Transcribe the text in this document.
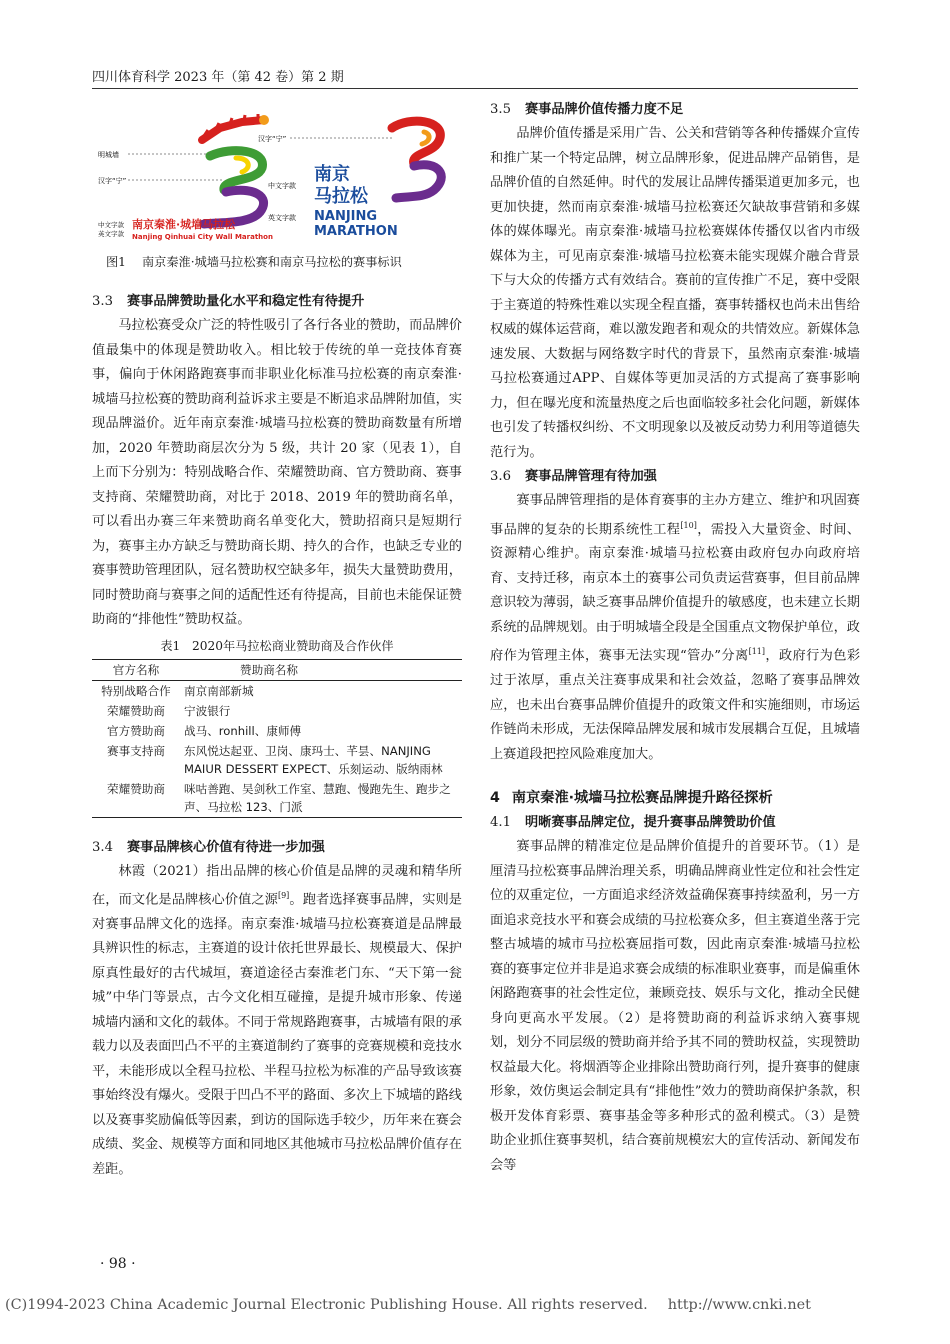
四川体育科学 2023 年（第 42 卷）第 2 期
明城墙
汉字“宁”
中文字款
英文字款
南京秦淮·城墙马拉松
Nanjing Qinhuai City Wall Marathon
汉字“宁”
中文字款
英文字款
南京
马拉松
NANJING
MARATHON
图1 南京秦淮·城墙马拉松赛和南京马拉松的赛事标识
3.3 赛事品牌赞助量化水平和稳定性有待提升

马拉松赛受众广泛的特性吸引了各行各业的赞助，而品牌价值最集中的体现是赞助收入。相比较于传统的单一竞技体育赛事，偏向于休闲路跑赛事而非职业化标准马拉松赛的南京秦淮·城墙马拉松赛的赞助商利益诉求主要是不断追求品牌附加值，实现品牌溢价。近年南京秦淮·城墙马拉松赛的赞助商数量有所增加，2020 年赞助商层次分为 5 级，共计 20 家（见表 1），自上而下分别为：特别战略合作、荣耀赞助商、官方赞助商、赛事支持商、荣耀赞助商，对比于 2018、2019 年的赞助商名单，可以看出办赛三年来赞助商名单变化大，赞助招商只是短期行为，赛事主办方缺乏与赞助商长期、持久的合作，也缺乏专业的赛事赞助管理团队，冠名赞助权空缺多年，损失大量赞助费用，同时赞助商与赛事之间的适配性还有待提高，目前也未能保证赞助商的“排他性”赞助权益。

表1 2020年马拉松商业赞助商及合作伙伴
官方名称	赞助商名称
特别战略合作	南京南部新城
荣耀赞助商	宁波银行
官方赞助商	战马、ronhill、康师傅
赛事支持商	东风悦达起亚、卫岗、康玛士、芊昙、NANJING MAIUR DESSERT EXPECT、乐刻运动、版纳雨林
荣耀赞助商	咪咕善跑、吴剑秋工作室、慧跑、慢跑先生、跑步之声、马拉松 123、门派
3.4 赛事品牌核心价值有待进一步加强

林霞（2021）指出品牌的核心价值是品牌的灵魂和精华所在，而文化是品牌核心价值之源[9]。跑者选择赛事品牌，实则是对赛事品牌文化的选择。南京秦淮·城墙马拉松赛赛道是品牌最具辨识性的标志，主赛道的设计依托世界最长、规模最大、保护原真性最好的古代城垣，赛道途径古秦淮老门东、“天下第一瓮城”中华门等景点，古今文化相互碰撞，是提升城市形象、传递城墙内涵和文化的载体。不同于常规路跑赛事，古城墙有限的承载力以及表面凹凸不平的主赛道制约了赛事的竞赛规模和竞技水平，未能形成以全程马拉松、半程马拉松为标准的产品导致该赛事始终没有爆火。受限于凹凸不平的路面、多次上下城墙的路线以及赛事奖励偏低等因素，到访的国际选手较少，历年来在赛会成绩、奖金、规模等方面和同地区其他城市马拉松品牌价值存在差距。

3.5 赛事品牌价值传播力度不足

品牌价值传播是采用广告、公关和营销等各种传播媒介宣传和推广某一个特定品牌，树立品牌形象，促进品牌产品销售，是品牌价值的自然延伸。时代的发展让品牌传播渠道更加多元，也更加快捷，然而南京秦淮·城墙马拉松赛还欠缺故事营销和多媒体的媒体曝光。南京秦淮·城墙马拉松赛媒体传播仅以省内市级媒体为主，可见南京秦淮·城墙马拉松赛未能实现媒介融合背景下与大众的传播方式有效结合。赛前的宣传推广不足，赛中受限于主赛道的特殊性难以实现全程直播，赛事转播权也尚未出售给权威的媒体运营商，难以激发跑者和观众的共情效应。新媒体急速发展、大数据与网络数字时代的背景下，虽然南京秦淮·城墙马拉松赛通过APP、自媒体等更加灵活的方式提高了赛事影响力，但在曝光度和流量热度之后也面临较多社会化问题，新媒体也引发了转播权纠纷、不文明现象以及被反动势力利用等道德失范行为。

3.6 赛事品牌管理有待加强

赛事品牌管理指的是体育赛事的主办方建立、维护和巩固赛事品牌的复杂的长期系统性工程[10]，需投入大量资金、时间、资源精心维护。南京秦淮·城墙马拉松赛由政府包办向政府培育、支持迁移，南京本土的赛事公司负责运营赛事，但目前品牌意识较为薄弱，缺乏赛事品牌价值提升的敏感度，也未建立长期系统的品牌规划。由于明城墙全段是全国重点文物保护单位，政府作为管理主体，赛事无法实现“管办”分离[11]，政府行为色彩过于浓厚，重点关注赛事成果和社会效益，忽略了赛事品牌效应，也未出台赛事品牌价值提升的政策文件和实施细则，市场运作链尚未形成，无法保障品牌发展和城市发展耦合互促，且城墙上赛道段把控风险难度加大。

4 南京秦淮·城墙马拉松赛品牌提升路径探析
4.1 明晰赛事品牌定位，提升赛事品牌赞助价值

赛事品牌的精准定位是品牌价值提升的首要环节。（1）是厘清马拉松赛事品牌治理关系，明确品牌商业性定位和社会性定位的双重定位，一方面追求经济效益确保赛事持续盈利，另一方面追求竞技水平和赛会成绩的马拉松赛众多，但主赛道坐落于完整古城墙的城市马拉松赛屈指可数，因此南京秦淮·城墙马拉松赛的赛事定位并非是追求赛会成绩的标准职业赛事，而是偏重休闲路跑赛事的社会性定位，兼顾竞技、娱乐与文化，推动全民健身向更高水平发展。（2）是将赞助商的利益诉求纳入赛事规划，划分不同层级的赞助商并给予其不同的赞助权益，实现赞助权益最大化。将烟酒等企业排除出赞助商行列，提升赛事的健康形象，效仿奥运会制定具有“排他性”效力的赞助商保护条款，积极开发体育彩票、赛事基金等多种形式的盈利模式。（3）是赞助企业抓住赛事契机，结合赛前规模宏大的宣传活动、新闻发布会等

· 98 ·
(C)1994-2023 China Academic Journal Electronic Publishing House. All rights reserved. http://www.cnki.net
